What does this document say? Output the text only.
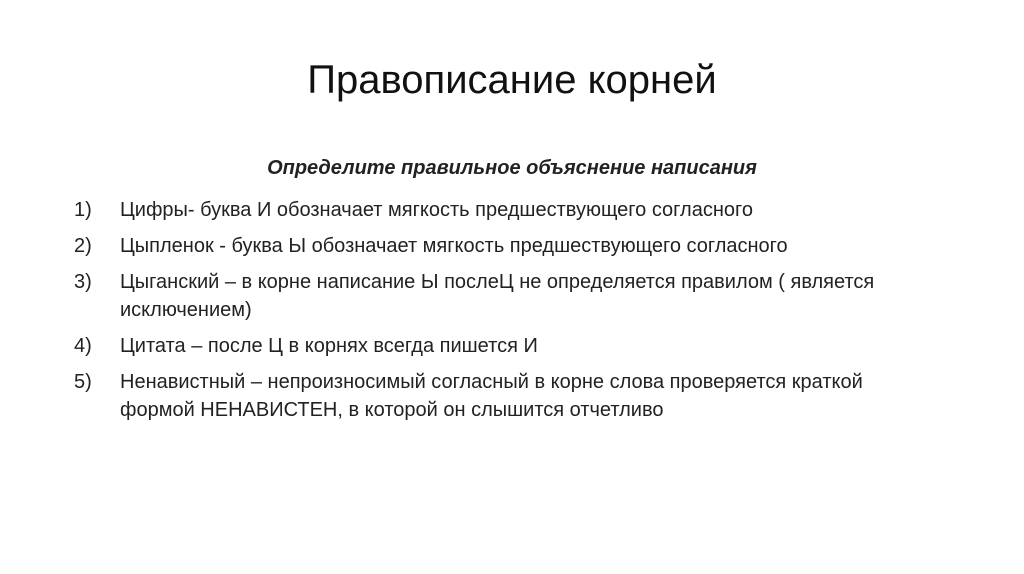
Правописание корней
Определите правильное объяснение написания
1)	Цифры- буква И обозначает мягкость предшествующего согласного
2)	Цыпленок - буква Ы обозначает мягкость предшествующего согласного
3)	Цыганский – в корне написание Ы послеЦ не определяется правилом ( является исключением)
4)	Цитата – после Ц в корнях всегда пишется И
5)	Ненавистный – непроизносимый согласный в корне слова проверяется краткой формой НЕНАВИСТЕН, в которой он слышится отчетливо
